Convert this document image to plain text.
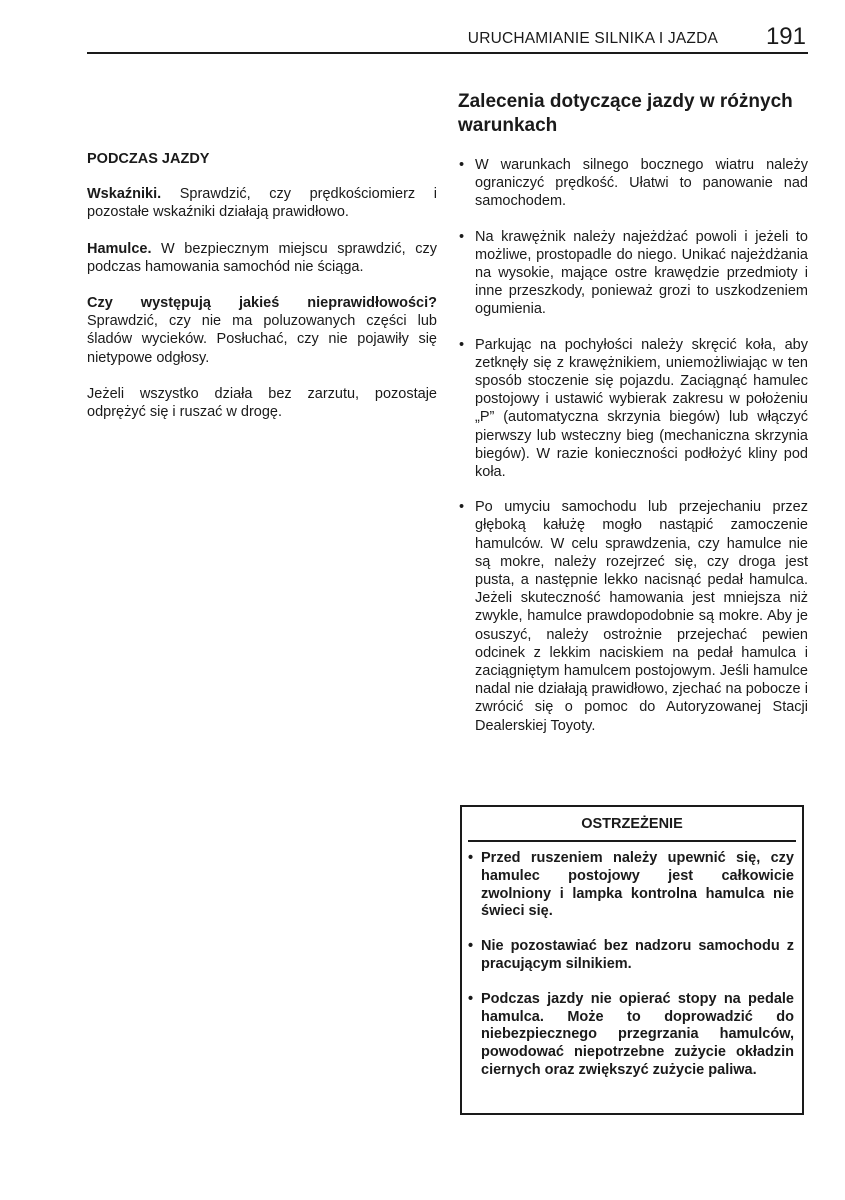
URUCHAMIANIE SILNIKA I JAZDA 191
PODCZAS JAZDY

Wskaźniki. Sprawdzić, czy prędkościomierz i pozostałe wskaźniki działają prawidłowo.

Hamulce. W bezpiecznym miejscu sprawdzić, czy podczas hamowania samochód nie ściąga.

Czy występują jakieś nieprawidłowości? Sprawdzić, czy nie ma poluzowanych części lub śladów wycieków. Posłuchać, czy nie pojawiły się nietypowe odgłosy.

Jeżeli wszystko działa bez zarzutu, pozostaje odprężyć się i ruszać w drogę.

Zalecenia dotyczące jazdy w różnych warunkach
• W warunkach silnego bocznego wiatru należy ograniczyć prędkość. Ułatwi to panowanie nad samochodem.
• Na krawężnik należy najeżdżać powoli i jeżeli to możliwe, prostopadle do niego. Unikać najeżdżania na wysokie, mające ostre krawędzie przedmioty i inne przeszkody, ponieważ grozi to uszkodzeniem ogumienia.
• Parkując na pochyłości należy skręcić koła, aby zetknęły się z krawężnikiem, uniemożliwiając w ten sposób stoczenie się pojazdu. Zaciągnąć hamulec postojowy i ustawić wybierak zakresu w położeniu „P” (automatyczna skrzynia biegów) lub włączyć pierwszy lub wsteczny bieg (mechaniczna skrzynia biegów). W razie konieczności podłożyć kliny pod koła.
• Po umyciu samochodu lub przejechaniu przez głęboką kałużę mogło nastąpić zamoczenie hamulców. W celu sprawdzenia, czy hamulce nie są mokre, należy rozejrzeć się, czy droga jest pusta, a następnie lekko nacisnąć pedał hamulca. Jeżeli skuteczność hamowania jest mniejsza niż zwykle, hamulce prawdopodobnie są mokre. Aby je osuszyć, należy ostrożnie przejechać pewien odcinek z lekkim naciskiem na pedał hamulca i zaciągniętym hamulcem postojowym. Jeśli hamulce nadal nie działają prawidłowo, zjechać na pobocze i zwrócić się o pomoc do Autoryzowanej Stacji Dealerskiej Toyoty.
OSTRZEŻENIE
• Przed ruszeniem należy upewnić się, czy hamulec postojowy jest całkowicie zwolniony i lampka kontrolna hamulca nie świeci się.
• Nie pozostawiać bez nadzoru samochodu z pracującym silnikiem.
• Podczas jazdy nie opierać stopy na pedale hamulca. Może to doprowadzić do niebezpiecznego przegrzania hamulców, powodować niepotrzebne zużycie okładzin ciernych oraz zwiększyć zużycie paliwa.
